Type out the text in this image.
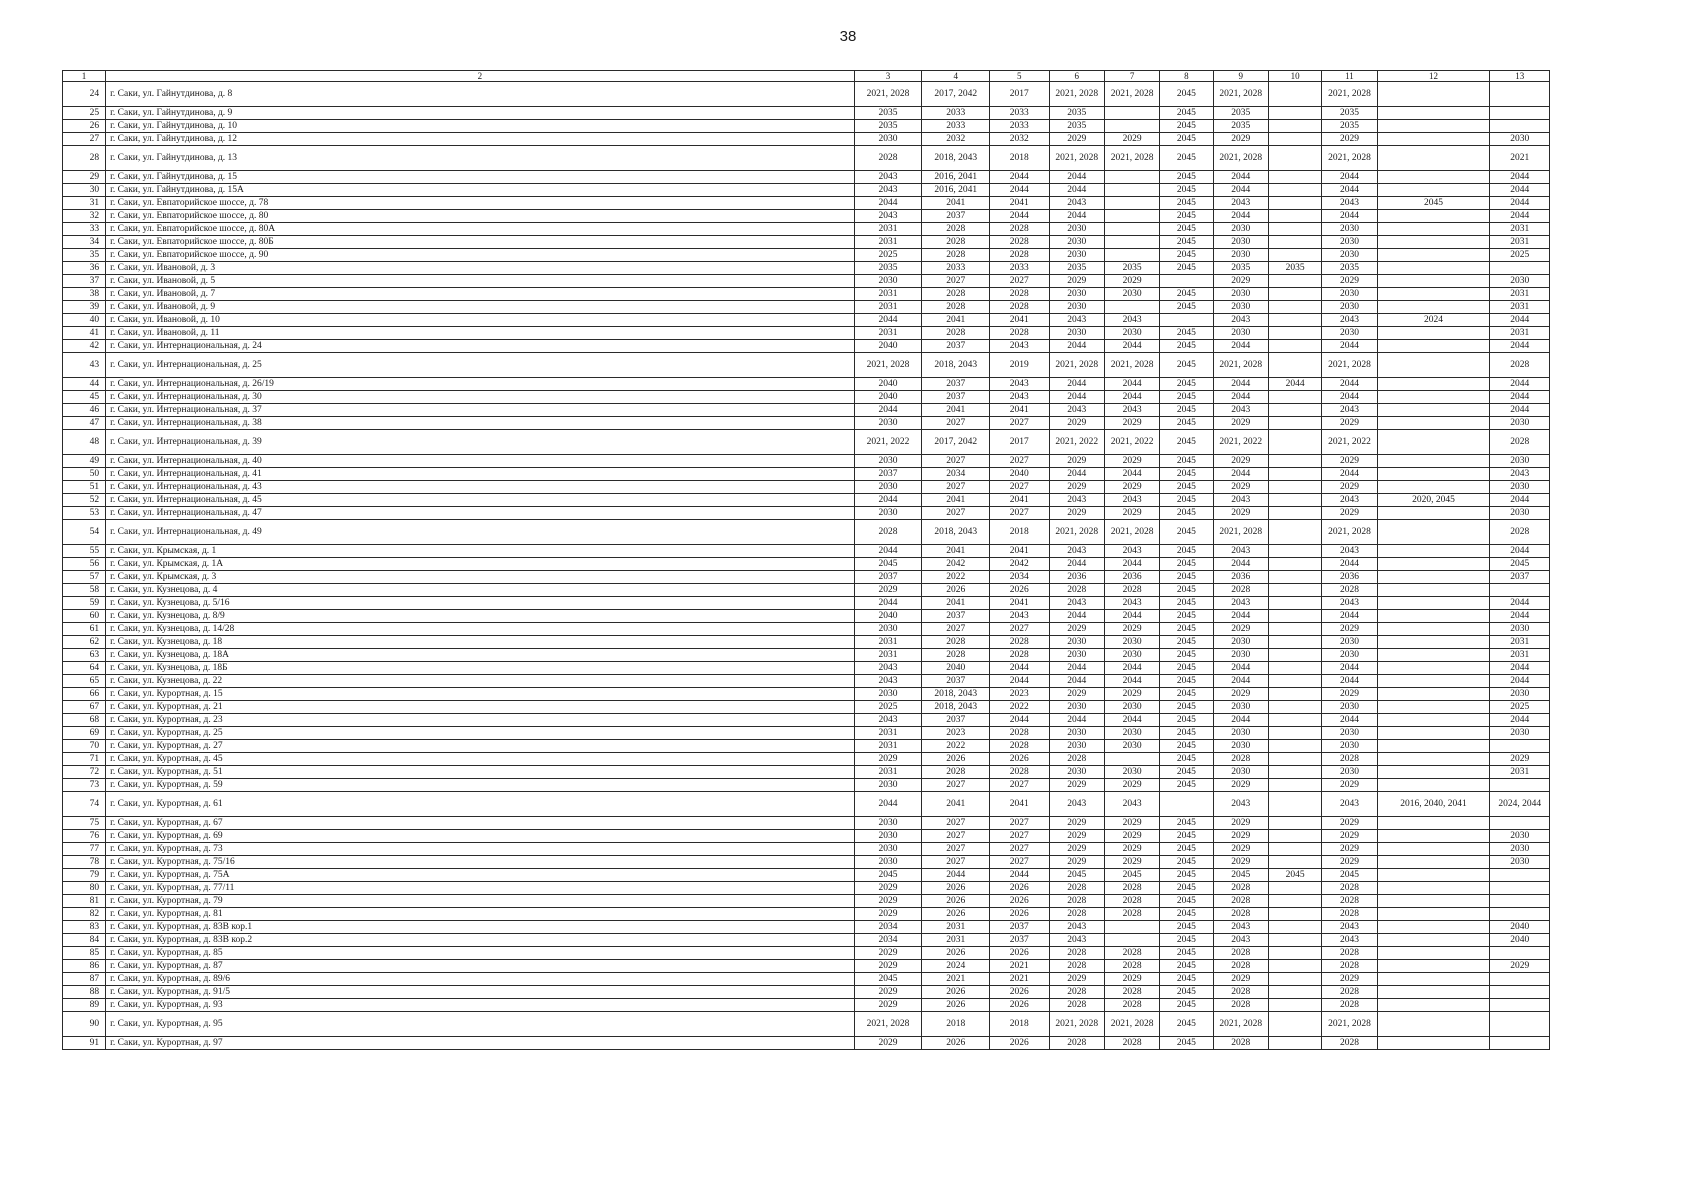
38
1	2	3	4	5	6	7	8	9	10	11	12	13
24	г. Саки, ул. Гайнутдинова, д. 8	2021, 2028	2017, 2042	2017	2021, 2028	2021, 2028	2045	2021, 2028		2021, 2028		
25	г. Саки, ул. Гайнутдинова, д. 9	2035	2033	2033	2035		2045	2035		2035		
26	г. Саки, ул. Гайнутдинова, д. 10	2035	2033	2033	2035		2045	2035		2035		
27	г. Саки, ул. Гайнутдинова, д. 12	2030	2032	2032	2029	2029	2045	2029		2029		2030
28	г. Саки, ул. Гайнутдинова, д. 13	2028	2018, 2043	2018	2021, 2028	2021, 2028	2045	2021, 2028		2021, 2028		2021
29	г. Саки, ул. Гайнутдинова, д. 15	2043	2016, 2041	2044	2044		2045	2044		2044		2044
30	г. Саки, ул. Гайнутдинова, д. 15А	2043	2016, 2041	2044	2044		2045	2044		2044		2044
31	г. Саки, ул. Евпаторийское шоссе, д. 78	2044	2041	2041	2043		2045	2043		2043	2045	2044
32	г. Саки, ул. Евпаторийское шоссе, д. 80	2043	2037	2044	2044		2045	2044		2044		2044
33	г. Саки, ул. Евпаторийское шоссе, д. 80А	2031	2028	2028	2030		2045	2030		2030		2031
34	г. Саки, ул. Евпаторийское шоссе, д. 80Б	2031	2028	2028	2030		2045	2030		2030		2031
35	г. Саки, ул. Евпаторийское шоссе, д. 90	2025	2028	2028	2030		2045	2030		2030		2025
36	г. Саки, ул. Ивановой, д. 3	2035	2033	2033	2035	2035	2045	2035	2035	2035		
37	г. Саки, ул. Ивановой, д. 5	2030	2027	2027	2029	2029		2029		2029		2030
38	г. Саки, ул. Ивановой, д. 7	2031	2028	2028	2030	2030	2045	2030		2030		2031
39	г. Саки, ул. Ивановой, д. 9	2031	2028	2028	2030		2045	2030		2030		2031
40	г. Саки, ул. Ивановой, д. 10	2044	2041	2041	2043	2043		2043		2043	2024	2044
41	г. Саки, ул. Ивановой, д. 11	2031	2028	2028	2030	2030	2045	2030		2030		2031
42	г. Саки, ул. Интернациональная, д. 24	2040	2037	2043	2044	2044	2045	2044		2044		2044
43	г. Саки, ул. Интернациональная, д. 25	2021, 2028	2018, 2043	2019	2021, 2028	2021, 2028	2045	2021, 2028		2021, 2028		2028
44	г. Саки, ул. Интернациональная, д. 26/19	2040	2037	2043	2044	2044	2045	2044	2044	2044		2044
45	г. Саки, ул. Интернациональная, д. 30	2040	2037	2043	2044	2044	2045	2044		2044		2044
46	г. Саки, ул. Интернациональная, д. 37	2044	2041	2041	2043	2043	2045	2043		2043		2044
47	г. Саки, ул. Интернациональная, д. 38	2030	2027	2027	2029	2029	2045	2029		2029		2030
48	г. Саки, ул. Интернациональная, д. 39	2021, 2022	2017, 2042	2017	2021, 2022	2021, 2022	2045	2021, 2022		2021, 2022		2028
49	г. Саки, ул. Интернациональная, д. 40	2030	2027	2027	2029	2029	2045	2029		2029		2030
50	г. Саки, ул. Интернациональная, д. 41	2037	2034	2040	2044	2044	2045	2044		2044		2043
51	г. Саки, ул. Интернациональная, д. 43	2030	2027	2027	2029	2029	2045	2029		2029		2030
52	г. Саки, ул. Интернациональная, д. 45	2044	2041	2041	2043	2043	2045	2043		2043	2020, 2045	2044
53	г. Саки, ул. Интернациональная, д. 47	2030	2027	2027	2029	2029	2045	2029		2029		2030
54	г. Саки, ул. Интернациональная, д. 49	2028	2018, 2043	2018	2021, 2028	2021, 2028	2045	2021, 2028		2021, 2028		2028
55	г. Саки, ул. Крымская, д. 1	2044	2041	2041	2043	2043	2045	2043		2043		2044
56	г. Саки, ул. Крымская, д. 1А	2045	2042	2042	2044	2044	2045	2044		2044		2045
57	г. Саки, ул. Крымская, д. 3	2037	2022	2034	2036	2036	2045	2036		2036		2037
58	г. Саки, ул. Кузнецова, д. 4	2029	2026	2026	2028	2028	2045	2028		2028		
59	г. Саки, ул. Кузнецова, д. 5/16	2044	2041	2041	2043	2043	2045	2043		2043		2044
60	г. Саки, ул. Кузнецова, д. 8/9	2040	2037	2043	2044	2044	2045	2044		2044		2044
61	г. Саки, ул. Кузнецова, д. 14/28	2030	2027	2027	2029	2029	2045	2029		2029		2030
62	г. Саки, ул. Кузнецова, д. 18	2031	2028	2028	2030	2030	2045	2030		2030		2031
63	г. Саки, ул. Кузнецова, д. 18А	2031	2028	2028	2030	2030	2045	2030		2030		2031
64	г. Саки, ул. Кузнецова, д. 18Б	2043	2040	2044	2044	2044	2045	2044		2044		2044
65	г. Саки, ул. Кузнецова, д. 22	2043	2037	2044	2044	2044	2045	2044		2044		2044
66	г. Саки, ул. Курортная, д. 15	2030	2018, 2043	2023	2029	2029	2045	2029		2029		2030
67	г. Саки, ул. Курортная, д. 21	2025	2018, 2043	2022	2030	2030	2045	2030		2030		2025
68	г. Саки, ул. Курортная, д. 23	2043	2037	2044	2044	2044	2045	2044		2044		2044
69	г. Саки, ул. Курортная, д. 25	2031	2023	2028	2030	2030	2045	2030		2030		2030
70	г. Саки, ул. Курортная, д. 27	2031	2022	2028	2030	2030	2045	2030		2030		
71	г. Саки, ул. Курортная, д. 45	2029	2026	2026	2028		2045	2028		2028		2029
72	г. Саки, ул. Курортная, д. 51	2031	2028	2028	2030	2030	2045	2030		2030		2031
73	г. Саки, ул. Курортная, д. 59	2030	2027	2027	2029	2029	2045	2029		2029		
74	г. Саки, ул. Курортная, д. 61	2044	2041	2041	2043	2043		2043		2043	2016, 2040, 2041	2024, 2044
75	г. Саки, ул. Курортная, д. 67	2030	2027	2027	2029	2029	2045	2029		2029		
76	г. Саки, ул. Курортная, д. 69	2030	2027	2027	2029	2029	2045	2029		2029		2030
77	г. Саки, ул. Курортная, д. 73	2030	2027	2027	2029	2029	2045	2029		2029		2030
78	г. Саки, ул. Курортная, д. 75/16	2030	2027	2027	2029	2029	2045	2029		2029		2030
79	г. Саки, ул. Курортная, д. 75А	2045	2044	2044	2045	2045	2045	2045	2045	2045		
80	г. Саки, ул. Курортная, д. 77/11	2029	2026	2026	2028	2028	2045	2028		2028		
81	г. Саки, ул. Курортная, д. 79	2029	2026	2026	2028	2028	2045	2028		2028		
82	г. Саки, ул. Курортная, д. 81	2029	2026	2026	2028	2028	2045	2028		2028		
83	г. Саки, ул. Курортная, д. 83В кор.1	2034	2031	2037	2043		2045	2043		2043		2040
84	г. Саки, ул. Курортная, д. 83В кор.2	2034	2031	2037	2043		2045	2043		2043		2040
85	г. Саки, ул. Курортная, д. 85	2029	2026	2026	2028	2028	2045	2028		2028		
86	г. Саки, ул. Курортная, д. 87	2029	2024	2021	2028	2028	2045	2028		2028		2029
87	г. Саки, ул. Курортная, д. 89/6	2045	2021	2021	2029	2029	2045	2029		2029		
88	г. Саки, ул. Курортная, д. 91/5	2029	2026	2026	2028	2028	2045	2028		2028		
89	г. Саки, ул. Курортная, д. 93	2029	2026	2026	2028	2028	2045	2028		2028		
90	г. Саки, ул. Курортная, д. 95	2021, 2028	2018	2018	2021, 2028	2021, 2028	2045	2021, 2028		2021, 2028		
91	г. Саки, ул. Курортная, д. 97	2029	2026	2026	2028	2028	2045	2028		2028		
